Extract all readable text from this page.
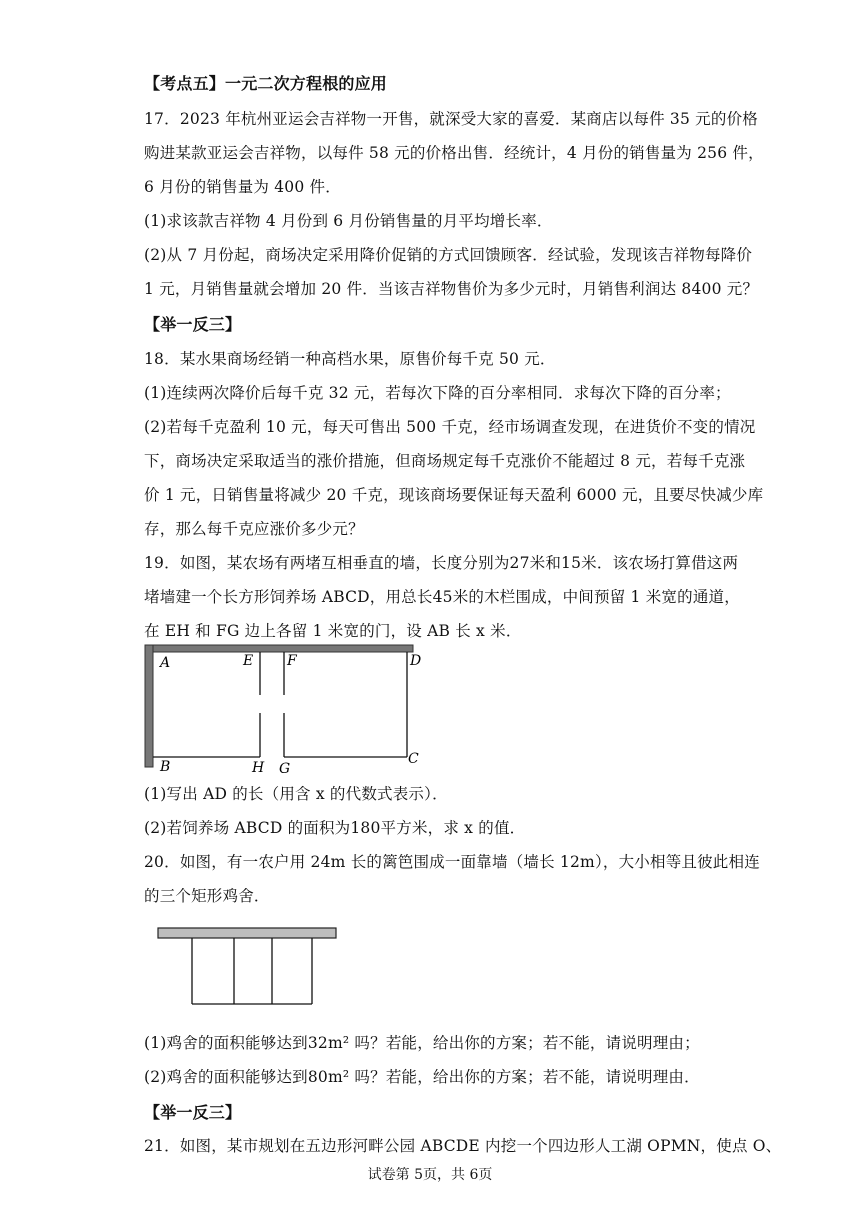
【考点五】一元二次方程根的应用
17．2023 年杭州亚运会吉祥物一开售，就深受大家的喜爱．某商店以每件 35 元的价格
购进某款亚运会吉祥物，以每件 58 元的价格出售．经统计，4 月份的销售量为 256 件，
6 月份的销售量为 400 件．
(1)求该款吉祥物 4 月份到 6 月份销售量的月平均增长率．
(2)从 7 月份起，商场决定采用降价促销的方式回馈顾客．经试验，发现该吉祥物每降价
1 元，月销售量就会增加 20 件．当该吉祥物售价为多少元时，月销售利润达 8400 元？
【举一反三】
18．某水果商场经销一种高档水果，原售价每千克 50 元．
(1)连续两次降价后每千克 32 元，若每次下降的百分率相同．求每次下降的百分率；
(2)若每千克盈利 10 元，每天可售出 500 千克，经市场调查发现，在进货价不变的情况
下，商场决定采取适当的涨价措施，但商场规定每千克涨价不能超过 8 元，若每千克涨
价 1 元，日销售量将减少 20 千克，现该商场要保证每天盈利 6000 元，且要尽快减少库
存，那么每千克应涨价多少元？
19．如图，某农场有两堵互相垂直的墙，长度分别为27米和15米．该农场打算借这两
堵墙建一个长方形饲养场 ABCD，用总长45米的木栏围成，中间预留 1 米宽的通道，
在 EH 和 FG 边上各留 1 米宽的门，设 AB 长 x 米．
A	E F	D
B	H G
C
(1)写出 AD 的长（用含 x 的代数式表示）．
(2)若饲养场 ABCD 的面积为180平方米，求 x 的值．
20．如图，有一农户用 24m 长的篱笆围成一面靠墙（墙长 12m），大小相等且彼此相连
的三个矩形鸡舍．
(1)鸡舍的面积能够达到32m² 吗？若能，给出你的方案；若不能，请说明理由；
(2)鸡舍的面积能够达到80m² 吗？若能，给出你的方案；若不能，请说明理由．
【举一反三】
21．如图，某市规划在五边形河畔公园 ABCDE 内挖一个四边形人工湖 OPMN，使点 O、
试卷第 5页，共 6页
